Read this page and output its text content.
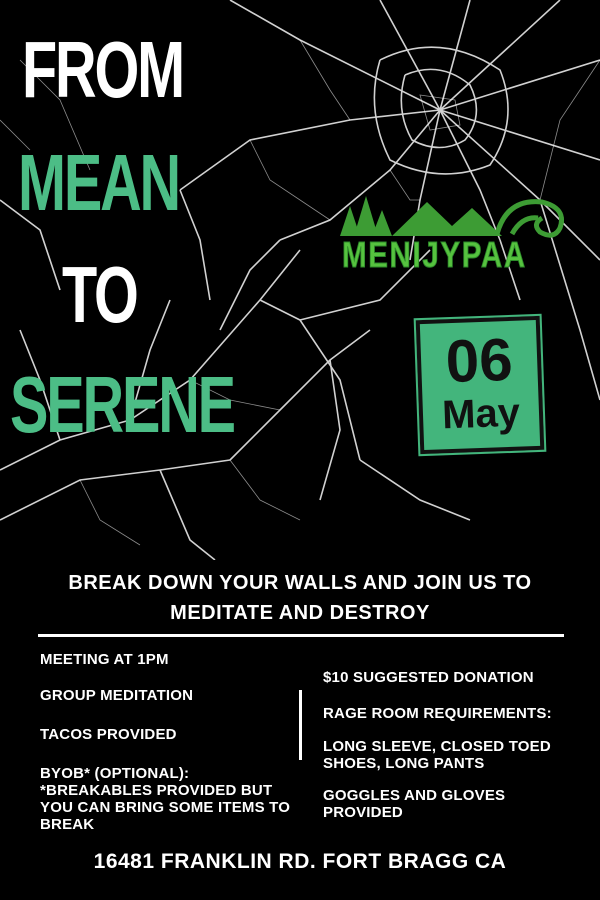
FROM
MEAN
TO
SERENE
MENIJYPAA
06
May
BREAK DOWN YOUR WALLS AND JOIN US TO MEDITATE AND DESTROY
MEETING AT 1PM
GROUP MEDITATION
TACOS PROVIDED
BYOB* (OPTIONAL):
*BREAKABLES PROVIDED BUT YOU CAN BRING SOME ITEMS TO BREAK
$10 SUGGESTED DONATION
RAGE ROOM REQUIREMENTS:
LONG SLEEVE, CLOSED TOED SHOES, LONG PANTS
GOGGLES AND GLOVES PROVIDED
16481 FRANKLIN RD. FORT BRAGG CA
